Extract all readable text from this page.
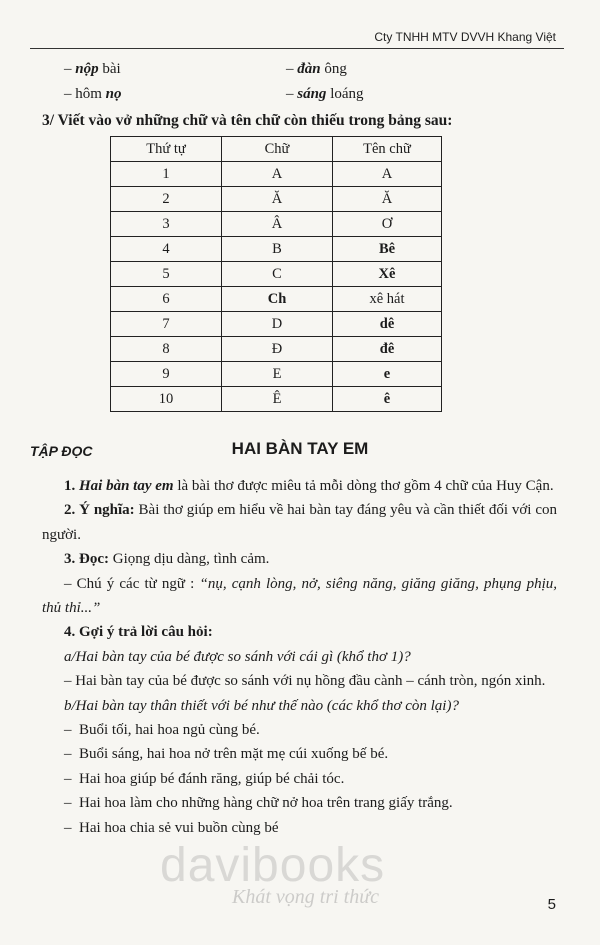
Cty TNHH MTV DVVH Khang Việt
– nộp bài	– đàn ông
– hôm nọ	– sáng loáng
3/ Viết vào vở những chữ và tên chữ còn thiếu trong bảng sau:
Thứ tự	Chữ	Tên chữ
1	A	A
2	Ă	Ă
3	Â	Ơ
4	B	Bê
5	C	Xê
6	Ch	xê hát
7	D	dê
8	Đ	đê
9	E	e
10	Ê	ê
TẬP ĐỌC	HAI BÀN TAY EM

1. Hai bàn tay em là bài thơ được miêu tả mỗi dòng thơ gồm 4 chữ của Huy Cận.

2. Ý nghĩa: Bài thơ giúp em hiểu về hai bàn tay đáng yêu và cần thiết đối với con người.

3. Đọc: Giọng dịu dàng, tình cảm.

– Chú ý các từ ngữ : “nụ, cạnh lòng, nở, siêng năng, giăng giăng, phụng phịu, thủ thỉ...”

4. Gợi ý trả lời câu hỏi:

a/Hai bàn tay của bé được so sánh với cái gì (khổ thơ 1)?

– Hai bàn tay của bé được so sánh với nụ hồng đầu cành – cánh tròn, ngón xinh.

b/Hai bàn tay thân thiết với bé như thế nào (các khổ thơ còn lại)?

– Buổi tối, hai hoa ngủ cùng bé.

– Buổi sáng, hai hoa nở trên mặt mẹ cúi xuống bế bé.

– Hai hoa giúp bé đánh răng, giúp bé chải tóc.

– Hai hoa làm cho những hàng chữ nở hoa trên trang giấy trắng.

– Hai hoa chia sẻ vui buồn cùng bé

davibooks
Khát vọng tri thức	5
